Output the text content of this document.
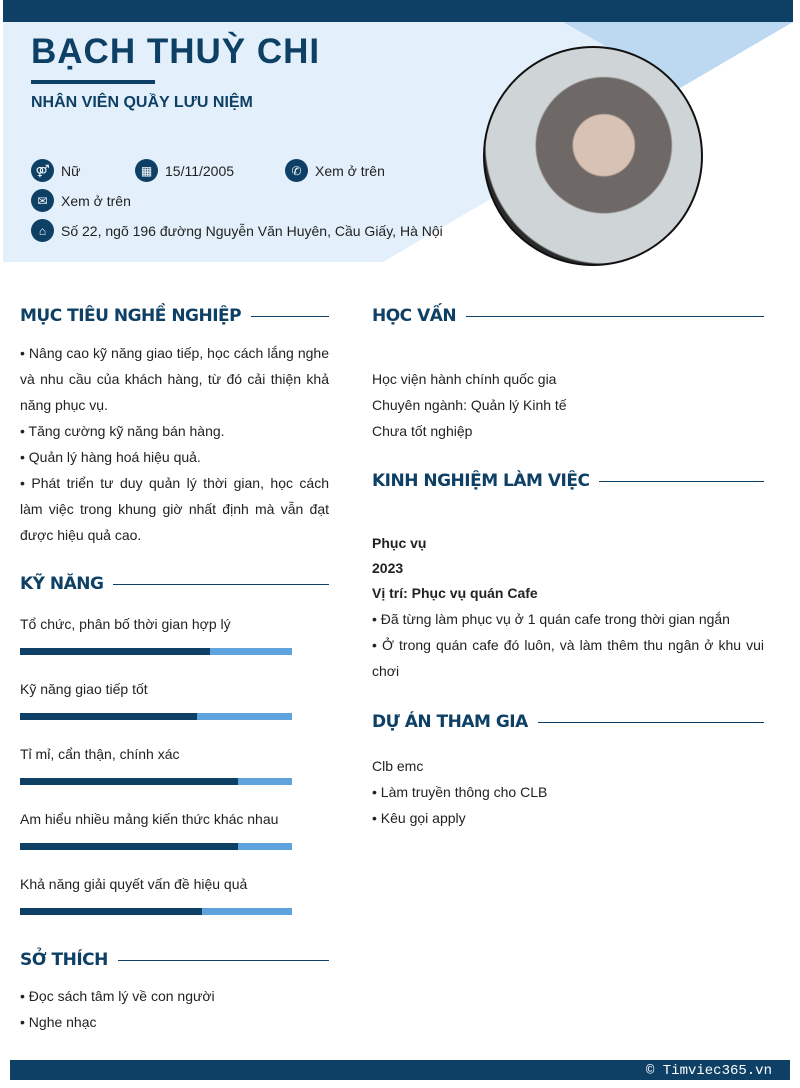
BẠCH THUỲ CHI
NHÂN VIÊN QUẦY LƯU NIỆM
⚤ Nữ	▦ 15/11/2005	✆ Xem ở trên
✉ Xem ở trên
⌂	Số 22, ngõ 196 đường Nguyễn Văn Huyên, Cầu Giấy, Hà Nội
MỤC TIÊU NGHỀ NGHIỆP
• Nâng cao kỹ năng giao tiếp, học cách lắng nghe và nhu cầu của khách hàng, từ đó cải thiện khả năng phục vụ.
• Tăng cường kỹ năng bán hàng.
• Quản lý hàng hoá hiệu quả.
• Phát triển tư duy quản lý thời gian, học cách làm việc trong khung giờ nhất định mà vẫn đạt được hiệu quả cao.
KỸ NĂNG
Tổ chức, phân bố thời gian hợp lý
Kỹ năng giao tiếp tốt
Tỉ mỉ, cẩn thận, chính xác
Am hiểu nhiều mảng kiến thức khác nhau
Khả năng giải quyết vấn đề hiệu quả
SỞ THÍCH
• Đọc sách tâm lý về con người
• Nghe nhạc
HỌC VẤN
Học viện hành chính quốc gia
Chuyên ngành: Quản lý Kinh tế
Chưa tốt nghiệp
KINH NGHIỆM LÀM VIỆC
Phục vụ
2023
Vị trí: Phục vụ quán Cafe
• Đã từng làm phục vụ ở 1 quán cafe trong thời gian ngắn
• Ở trong quán cafe đó luôn, và làm thêm thu ngân ở khu vui chơi
DỰ ÁN THAM GIA
Clb emc
• Làm truyền thông cho CLB
• Kêu gọi apply
© Timviec365.vn
